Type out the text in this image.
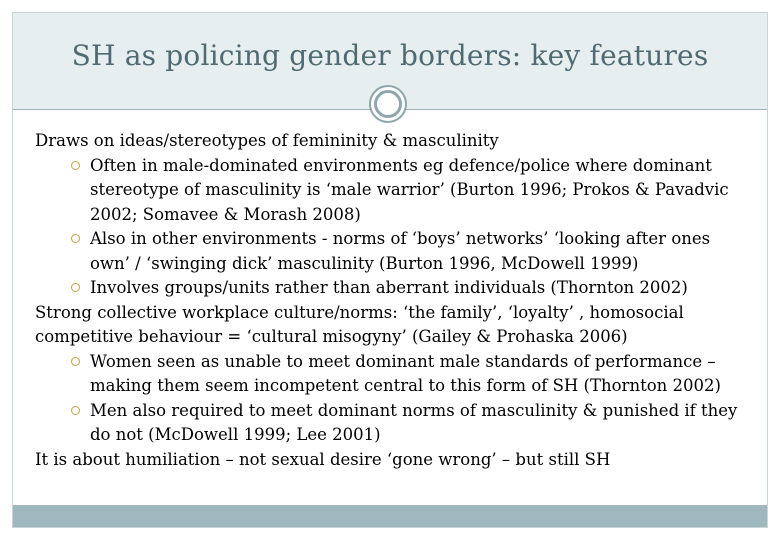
SH as policing gender borders: key features

Draws on ideas/stereotypes of femininity & masculinity

Often in male-dominated environments eg defence/police where dominant stereotype of masculinity is ‘male warrior’ (Burton 1996; Prokos & Pavadvic 2002; Somavee & Morash 2008)
Also in other environments - norms of ‘boys’ networks’ ‘looking after ones own’ / ‘swinging dick’ masculinity (Burton 1996, McDowell 1999)
Involves groups/units rather than aberrant individuals (Thornton 2002)

Strong collective workplace culture/norms: ‘the family’, ‘loyalty’ , homosocial competitive behaviour = ‘cultural misogyny’ (Gailey & Prohaska 2006)

Women seen as unable to meet dominant male standards of performance – making them seem incompetent central to this form of SH (Thornton 2002)
Men also required to meet dominant norms of masculinity & punished if they do not (McDowell 1999; Lee 2001)

It is about humiliation – not sexual desire ‘gone wrong’ – but still SH
